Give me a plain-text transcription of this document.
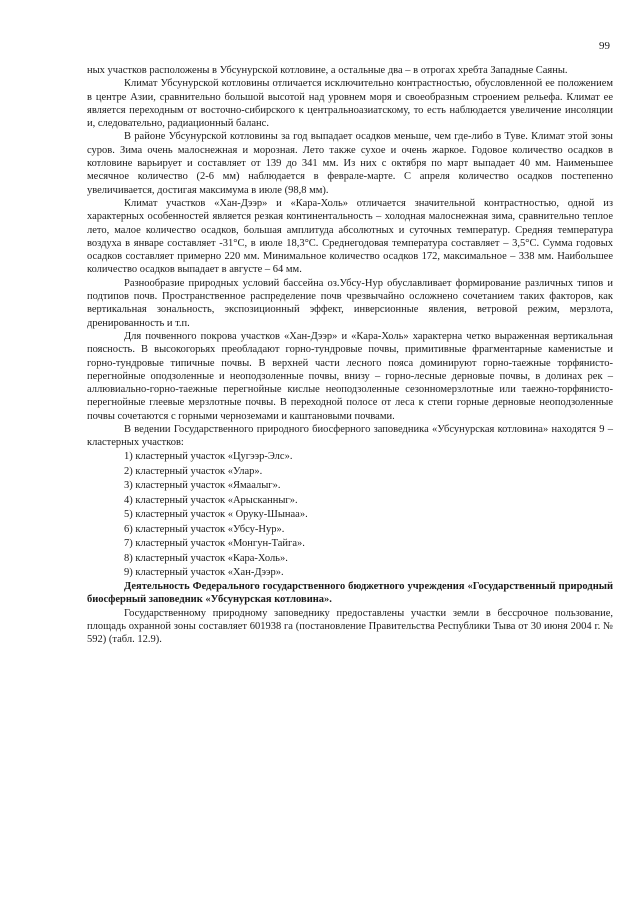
99

ных участков расположены в Убсунурской котловине, а остальные два – в отрогах хребта Западные Саяны.

Климат Убсунурской котловины отличается исключительно контрастностью, обусловленной ее положением в центре Азии, сравнительно большой высотой над уровнем моря и своеобразным строением рельефа. Климат ее является переходным от восточно-сибирского к центральноазиатскому, то есть наблюдается увеличение инсоляции и, следовательно, радиационный баланс.

В районе Убсунурской котловины за год выпадает осадков меньше, чем где-либо в Туве. Климат этой зоны суров. Зима очень малоснежная и морозная. Лето также сухое и очень жаркое. Годовое количество осадков в котловине варьирует и составляет от 139 до 341 мм. Из них с октября по март выпадает 40 мм. Наименьшее месячное количество (2-6 мм) наблюдается в феврале-марте. С апреля количество осадков постепенно увеличивается, достигая максимума в июле (98,8 мм).

Климат участков «Хан-Дээр» и «Кара-Холь» отличается значительной контрастностью, одной из характерных особенностей является резкая континентальность – холодная малоснежная зима, сравнительно теплое лето, малое количество осадков, большая амплитуда абсолютных и суточных температур. Средняя температура воздуха в январе составляет -31°С, в июле 18,3°С. Среднегодовая температура составляет – 3,5°С. Сумма годовых осадков составляет примерно 220 мм. Минимальное количество осадков 172, максимальное – 338 мм. Наибольшее количество осадков выпадает в августе – 64 мм.

Разнообразие природных условий бассейна оз.Убсу-Нур обуславливает формирование различных типов и подтипов почв. Пространственное распределение почв чрезвычайно осложнено сочетанием таких факторов, как вертикальная зональность, экспозиционный эффект, инверсионные явления, ветровой режим, мерзлота, дренированность и т.п.

Для почвенного покрова участков «Хан-Дээр» и «Кара-Холь» характерна четко выраженная вертикальная поясность. В высокогорьях преобладают горно-тундровые почвы, примитивные фрагментарные каменистые и горно-тундровые типичные почвы. В верхней части лесного пояса доминируют горно-таежные торфянисто-перегнойные оподзоленные и неоподзоленные почвы, внизу – горно-лесные дерновые почвы, в долинах рек – аллювиально-горно-таежные перегнойные кислые неоподзоленные сезонномерзлотные или таежно-торфянисто-перегнойные глеевые мерзлотные почвы. В переходной полосе от леса к степи горные дерновые неоподзоленные почвы сочетаются с горными черноземами и каштановыми почвами.

В ведении Государственного природного биосферного заповедника «Убсунурская котловина» находятся 9 – кластерных участков:

1) кластерный участок «Цугээр-Элс».
2) кластерный участок «Улар».
3) кластерный участок «Ямаалыг».
4) кластерный участок «Арысканныг».
5) кластерный участок « Оруку-Шынаа».
6) кластерный участок «Убсу-Нур».
7) кластерный участок «Монгун-Тайга».
8) кластерный участок «Кара-Холь».
9) кластерный участок «Хан-Дээр».

Деятельность Федерального государственного бюджетного учреждения «Государственный природный биосферный заповедник «Убсунурская котловина».

Государственному природному заповеднику предоставлены участки земли в бессрочное пользование, площадь охранной зоны составляет 601938 га (постановление Правительства Республики Тыва от 30 июня 2004 г. № 592) (табл. 12.9).
